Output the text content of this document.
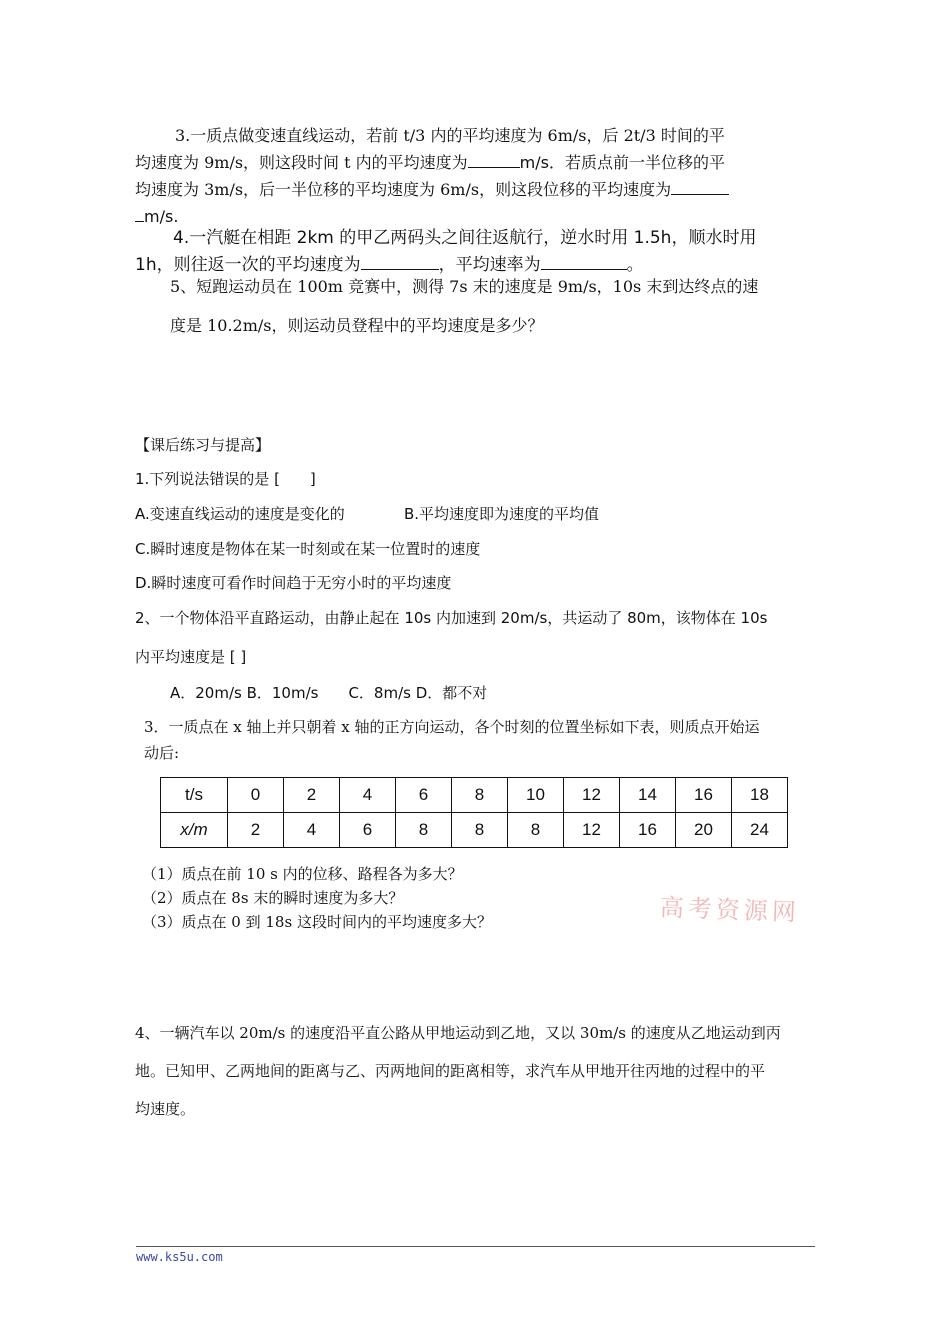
3.一质点做变速直线运动，若前 t/3 内的平均速度为 6m/s，后 2t/3 时间的平

均速度为 9m/s，则这段时间 t 内的平均速度为	m/s．若质点前一半位移的平
均速度为 3m/s，后一半位移的平均速度为 6m/s，则这段位移的平均速度为
m/s.

4.一汽艇在相距 2km 的甲乙两码头之间往返航行，逆水时用 1.5h，顺水时用

1h，则往返一次的平均速度为	，平均速率为	。

5、短跑运动员在 100m 竞赛中，测得 7s 末的速度是 9m/s，10s 末到达终点的速

度是 10.2m/s，则运动员登程中的平均速度是多少？

【课后练习与提高】

1.下列说法错误的是 [　　]

A.变速直线运动的速度是变化的	B.平均速度即为速度的平均值

C.瞬时速度是物体在某一时刻或在某一位置时的速度

D.瞬时速度可看作时间趋于无穷小时的平均速度

2、一个物体沿平直路运动，由静止起在 10s 内加速到 20m/s，共运动了 80m，该物体在 10s

内平均速度是 [ ]

A．20m/s B．10m/s　　C．8m/s D．都不对

3．一质点在 x 轴上并只朝着 x 轴的正方向运动，各个时刻的位置坐标如下表，则质点开始运

动后:

t/s	0	2	4	6	8	10	12	14	16	18
x/m	2	4	6	8	8	8	12	16	20	24

（1）质点在前 10 s 内的位移、路程各为多大？

（2）质点在 8s 末的瞬时速度为多大？

（3）质点在 0 到 18s 这段时间内的平均速度多大？	高考资源网

4、一辆汽车以 20m/s 的速度沿平直公路从甲地运动到乙地，又以 30m/s 的速度从乙地运动到丙

地。已知甲、乙两地间的距离与乙、丙两地间的距离相等，求汽车从甲地开往丙地的过程中的平

均速度。

www.ks5u.com
